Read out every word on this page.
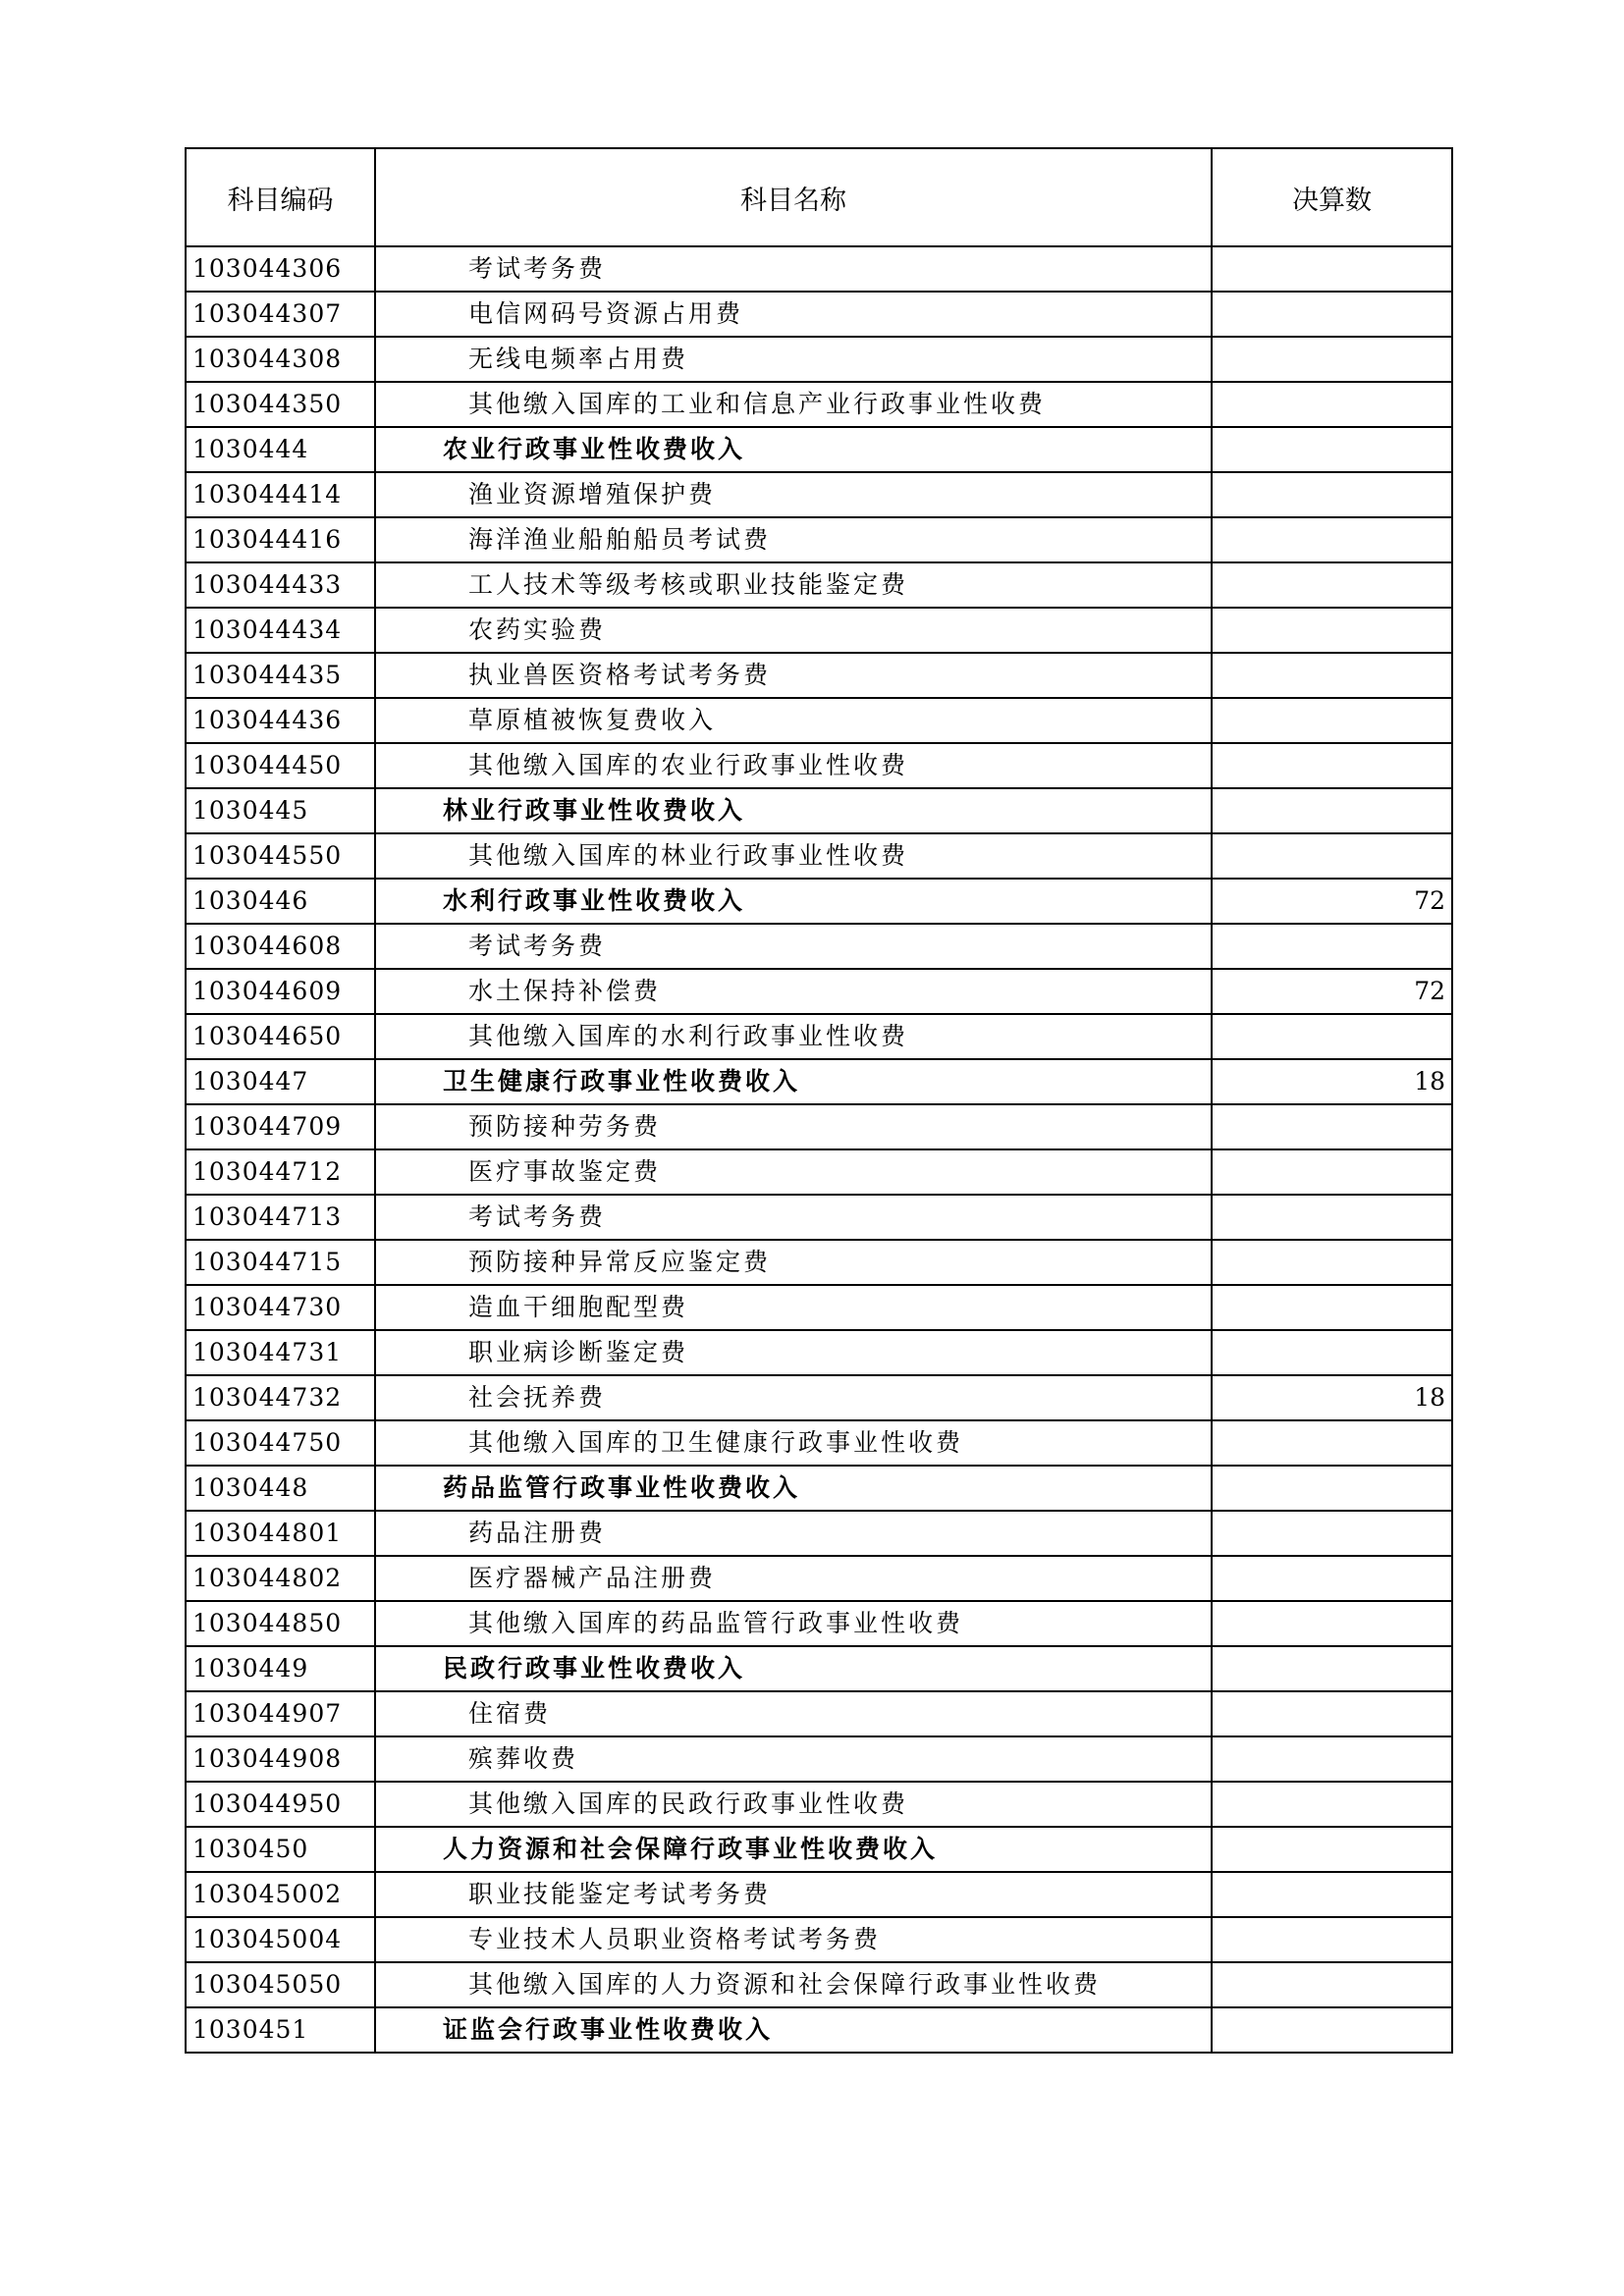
科目编码	科目名称	决算数
103044306	考试考务费	
103044307	电信网码号资源占用费	
103044308	无线电频率占用费	
103044350	其他缴入国库的工业和信息产业行政事业性收费	
1030444	农业行政事业性收费收入	
103044414	渔业资源增殖保护费	
103044416	海洋渔业船舶船员考试费	
103044433	工人技术等级考核或职业技能鉴定费	
103044434	农药实验费	
103044435	执业兽医资格考试考务费	
103044436	草原植被恢复费收入	
103044450	其他缴入国库的农业行政事业性收费	
1030445	林业行政事业性收费收入	
103044550	其他缴入国库的林业行政事业性收费	
1030446	水利行政事业性收费收入	72
103044608	考试考务费	
103044609	水土保持补偿费	72
103044650	其他缴入国库的水利行政事业性收费	
1030447	卫生健康行政事业性收费收入	18
103044709	预防接种劳务费	
103044712	医疗事故鉴定费	
103044713	考试考务费	
103044715	预防接种异常反应鉴定费	
103044730	造血干细胞配型费	
103044731	职业病诊断鉴定费	
103044732	社会抚养费	18
103044750	其他缴入国库的卫生健康行政事业性收费	
1030448	药品监管行政事业性收费收入	
103044801	药品注册费	
103044802	医疗器械产品注册费	
103044850	其他缴入国库的药品监管行政事业性收费	
1030449	民政行政事业性收费收入	
103044907	住宿费	
103044908	殡葬收费	
103044950	其他缴入国库的民政行政事业性收费	
1030450	人力资源和社会保障行政事业性收费收入	
103045002	职业技能鉴定考试考务费	
103045004	专业技术人员职业资格考试考务费	
103045050	其他缴入国库的人力资源和社会保障行政事业性收费	
1030451	证监会行政事业性收费收入	
